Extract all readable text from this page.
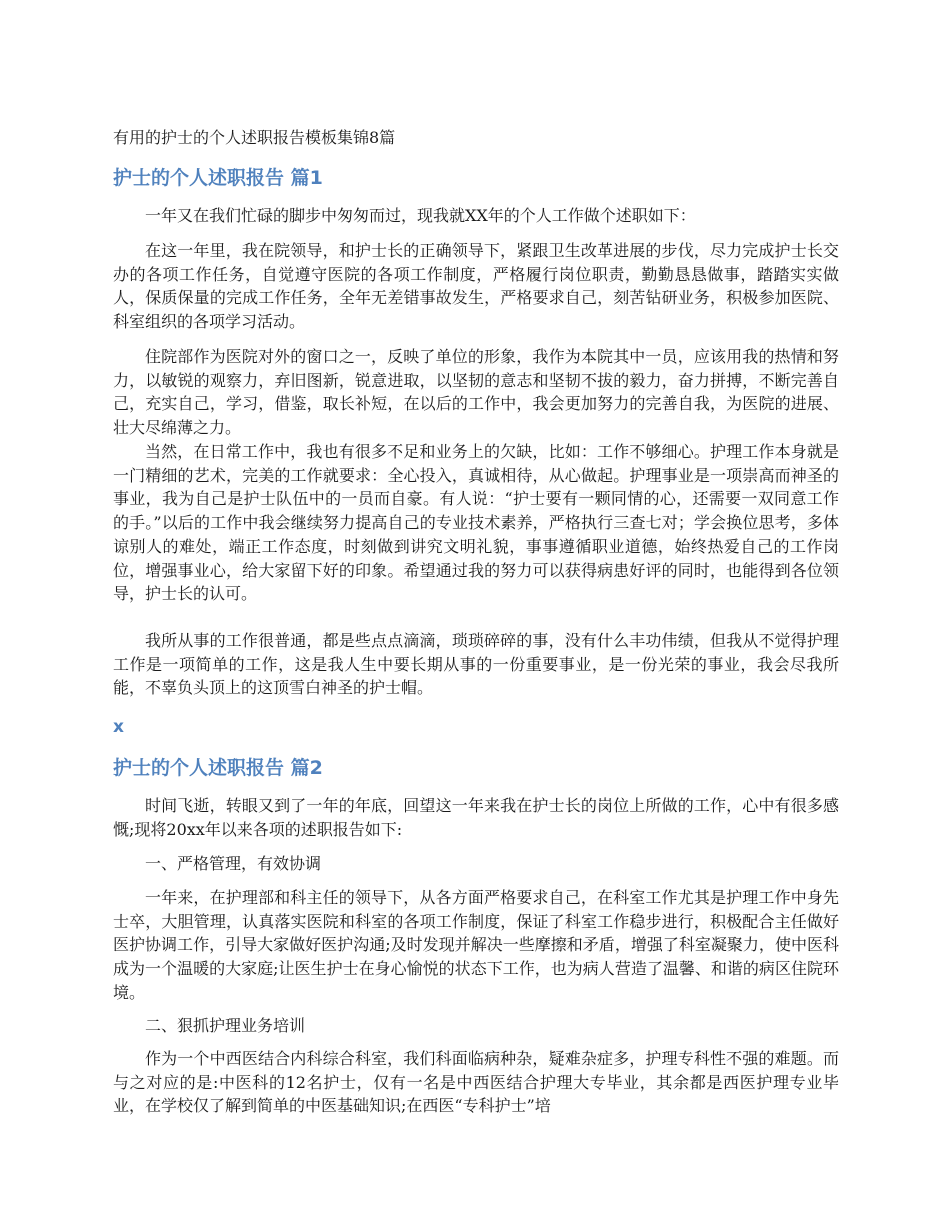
有用的护士的个人述职报告模板集锦8篇
护士的个人述职报告 篇1

一年又在我们忙碌的脚步中匆匆而过，现我就XX年的个人工作做个述职如下：

在这一年里，我在院领导，和护士长的正确领导下，紧跟卫生改革进展的步伐，尽力完成护士长交办的各项工作任务，自觉遵守医院的各项工作制度，严格履行岗位职责，勤勤恳恳做事，踏踏实实做人，保质保量的完成工作任务，全年无差错事故发生，严格要求自己，刻苦钻研业务，积极参加医院、科室组织的各项学习活动。

住院部作为医院对外的窗口之一，反映了单位的形象，我作为本院其中一员，应该用我的热情和努力，以敏锐的观察力，弃旧图新，锐意进取，以坚韧的意志和坚韧不拔的毅力，奋力拼搏，不断完善自己，充实自己，学习，借鉴，取长补短，在以后的工作中，我会更加努力的完善自我，为医院的进展、壮大尽绵薄之力。

当然，在日常工作中，我也有很多不足和业务上的欠缺，比如：工作不够细心。护理工作本身就是一门精细的艺术，完美的工作就要求：全心投入，真诚相待，从心做起。护理事业是一项崇高而神圣的事业，我为自己是护士队伍中的一员而自豪。有人说：“护士要有一颗同情的心，还需要一双同意工作的手。”以后的工作中我会继续努力提高自己的专业技术素养，严格执行三查七对；学会换位思考，多体谅别人的难处，端正工作态度，时刻做到讲究文明礼貌，事事遵循职业道德，始终热爱自己的工作岗位，增强事业心，给大家留下好的印象。希望通过我的努力可以获得病患好评的同时，也能得到各位领导，护士长的认可。

我所从事的工作很普通，都是些点点滴滴，琐琐碎碎的事，没有什么丰功伟绩，但我从不觉得护理工作是一项简单的工作，这是我人生中要长期从事的一份重要事业，是一份光荣的事业，我会尽我所能，不辜负头顶上的这顶雪白神圣的护士帽。

x
护士的个人述职报告 篇2

时间飞逝，转眼又到了一年的年底，回望这一年来我在护士长的岗位上所做的工作，心中有很多感慨;现将20xx年以来各项的述职报告如下:

一、严格管理，有效协调

一年来，在护理部和科主任的领导下，从各方面严格要求自己，在科室工作尤其是护理工作中身先士卒，大胆管理，认真落实医院和科室的各项工作制度，保证了科室工作稳步进行，积极配合主任做好医护协调工作，引导大家做好医护沟通;及时发现并解决一些摩擦和矛盾，增强了科室凝聚力，使中医科成为一个温暖的大家庭;让医生护士在身心愉悦的状态下工作，也为病人营造了温馨、和谐的病区住院环境。

二、狠抓护理业务培训

作为一个中西医结合内科综合科室，我们科面临病种杂，疑难杂症多，护理专科性不强的难题。而与之对应的是:中医科的12名护士，仅有一名是中西医结合护理大专毕业，其余都是西医护理专业毕业，在学校仅了解到简单的中医基础知识;在西医“专科护士”培
